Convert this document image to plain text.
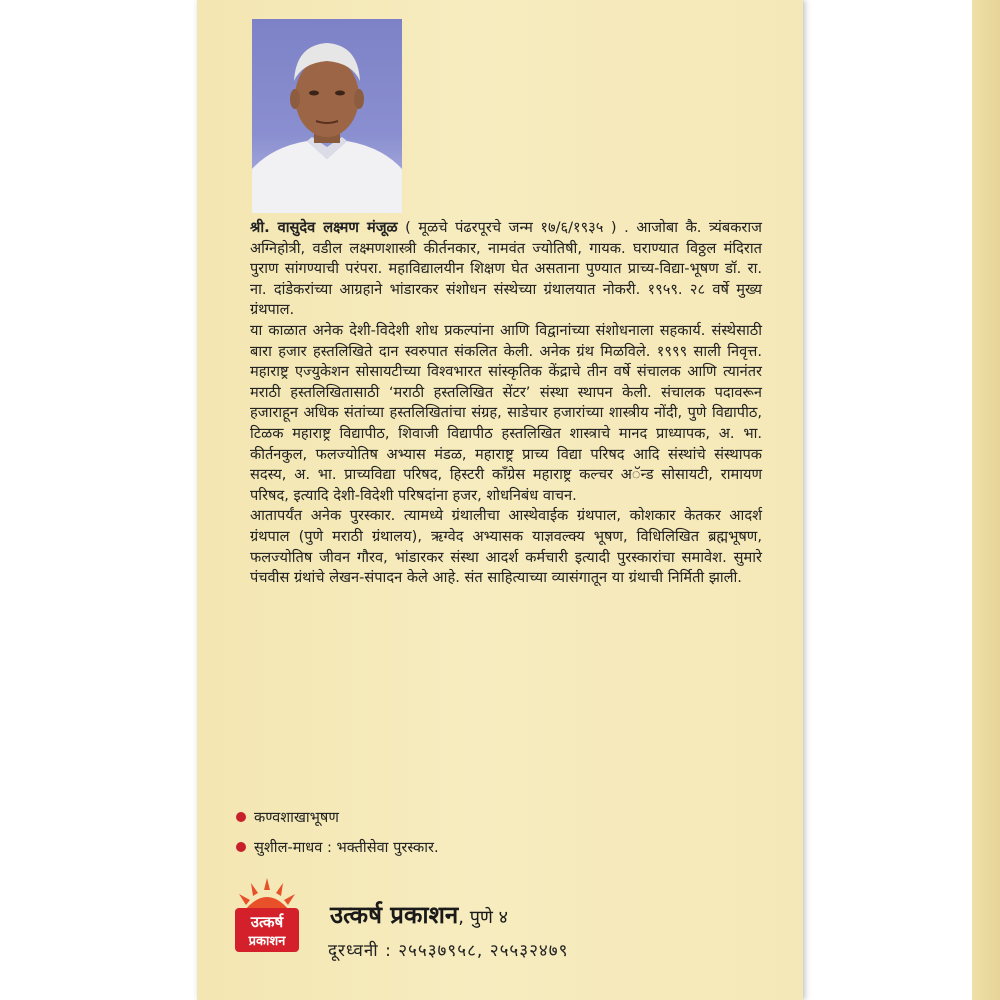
श्री. वासुदेव लक्ष्मण मंजूळ ( मूळचे पंढरपूरचे जन्म १७/६/१९३५ ) . आजोबा कै. त्र्यंबकराज अग्निहोत्री, वडील लक्ष्मणशास्त्री कीर्तनकार, नामवंत ज्योतिषी, गायक. घराण्यात विठ्ठल मंदिरात पुराण सांगण्याची परंपरा. महाविद्यालयीन शिक्षण घेत असताना पुण्यात प्राच्य-विद्या-भूषण डॉ. रा. ना. दांडेकरांच्या आग्रहाने भांडारकर संशोधन संस्थेच्या ग्रंथालयात नोकरी. १९५९. २८ वर्षे मुख्य ग्रंथपाल.

या काळात अनेक देशी-विदेशी शोध प्रकल्पांना आणि विद्वानांच्या संशोधनाला सहकार्य. संस्थेसाठी बारा हजार हस्तलिखिते दान स्वरुपात संकलित केली. अनेक ग्रंथ मिळविले. १९९९ साली निवृत्त. महाराष्ट्र एज्युकेशन सोसायटीच्या विश्वभारत सांस्कृतिक केंद्राचे तीन वर्षे संचालक आणि त्यानंतर मराठी हस्तलिखितासाठी ‘मराठी हस्तलिखित सेंटर’ संस्था स्थापन केली. संचालक पदावरून हजाराहून अधिक संतांच्या हस्तलिखितांचा संग्रह, साडेचार हजारांच्या शास्त्रीय नोंदी, पुणे विद्यापीठ, टिळक महाराष्ट्र विद्यापीठ, शिवाजी विद्यापीठ हस्तलिखित शास्त्राचे मानद प्राध्यापक, अ. भा. कीर्तनकुल, फलज्योतिष अभ्यास मंडळ, महाराष्ट्र प्राच्य विद्या परिषद आदि संस्थांचे संस्थापक सदस्य, अ. भा. प्राच्यविद्या परिषद, हिस्टरी कॉंग्रेस महाराष्ट्र कल्चर अॅन्ड सोसायटी, रामायण परिषद, इत्यादि देशी-विदेशी परिषदांना हजर, शोधनिबंध वाचन.

आतापर्यंत अनेक पुरस्कार. त्यामध्ये ग्रंथालीचा आस्थेवाईक ग्रंथपाल, कोशकार केतकर आदर्श ग्रंथपाल (पुणे मराठी ग्रंथालय), ऋग्वेद अभ्यासक याज्ञवल्क्य भूषण, विधिलिखित ब्रह्मभूषण, फलज्योतिष जीवन गौरव, भांडारकर संस्था आदर्श कर्मचारी इत्यादी पुरस्कारांचा समावेश. सुमारे पंचवीस ग्रंथांचे लेखन-संपादन केले आहे. संत साहित्याच्या व्यासंगातून या ग्रंथाची निर्मिती झाली.

कण्वशाखाभूषण
सुशील-माधव : भक्तीसेवा पुरस्कार.
उत्कर्ष
प्रकाशन
उत्कर्ष प्रकाशन, पुणे ४
दूरध्वनी : २५५३७९५८, २५५३२४७९
